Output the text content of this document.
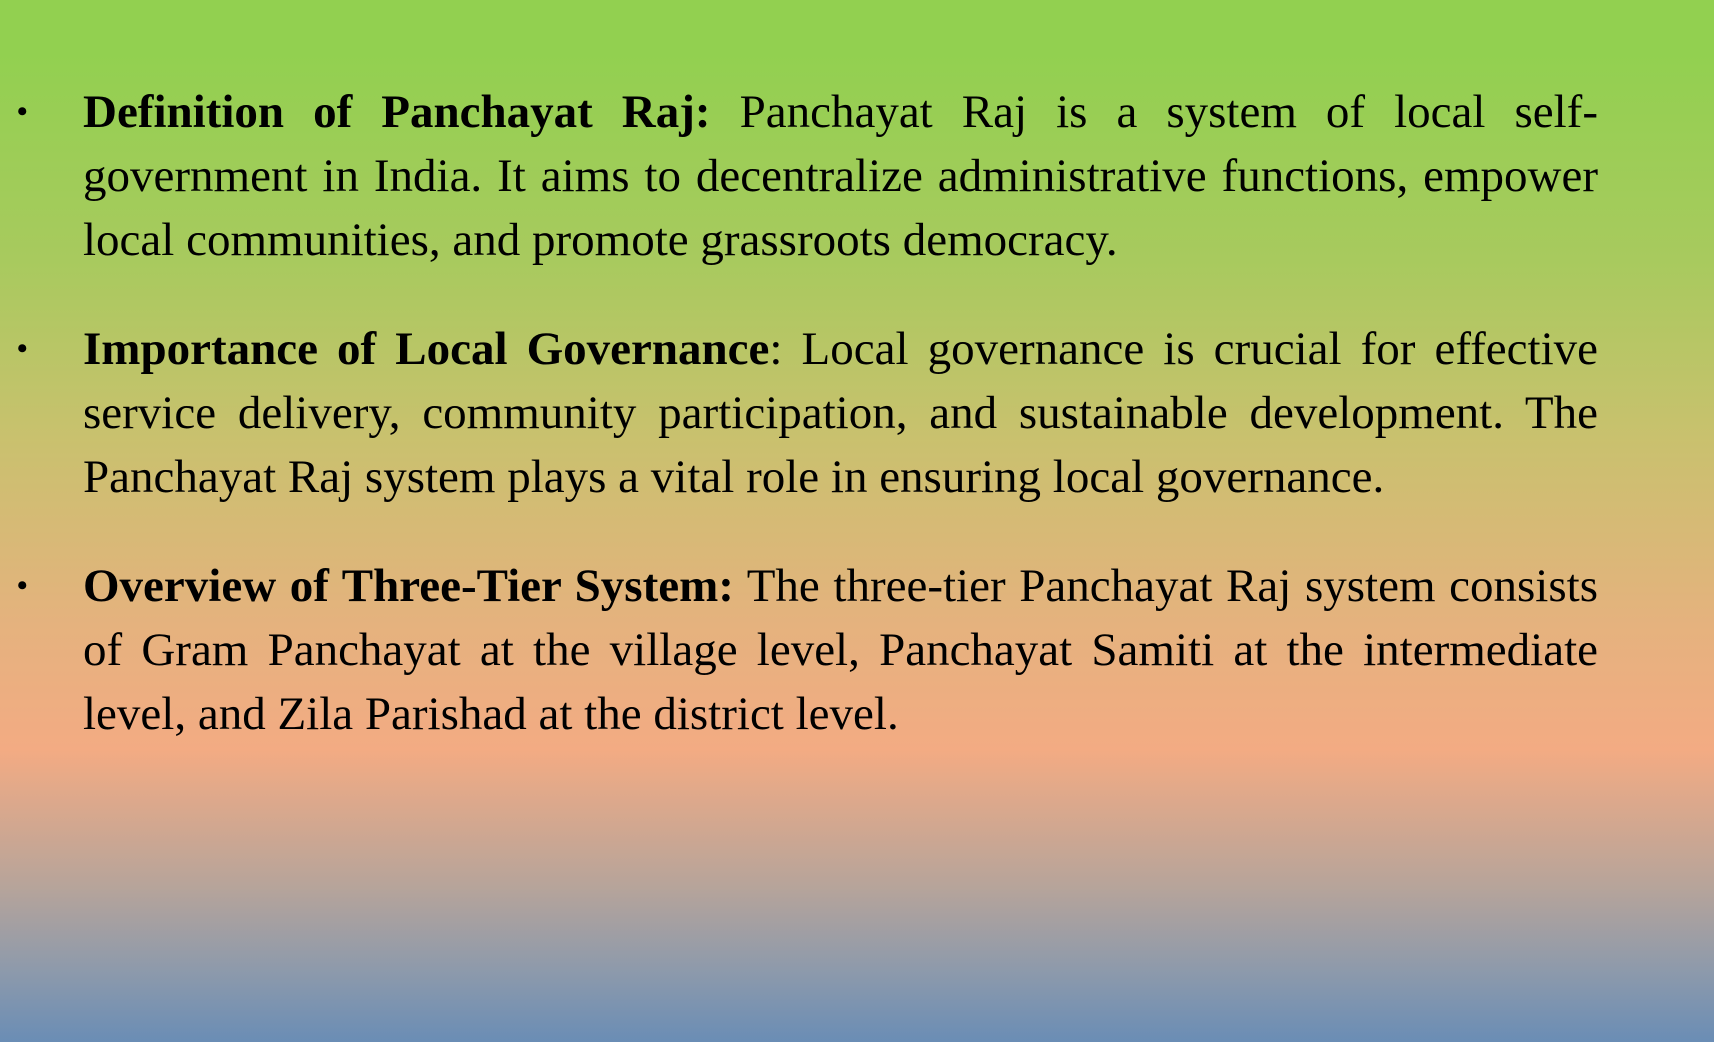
• Definition of Panchayat Raj: Panchayat Raj is a system of local self-government in India. It aims to decentralize administrative functions, empower local communities, and promote grassroots democracy.
• Importance of Local Governance: Local governance is crucial for effective service delivery, community participation, and sustainable development. The Panchayat Raj system plays a vital role in ensuring local governance.
• Overview of Three-Tier System: The three-tier Panchayat Raj system consists of Gram Panchayat at the village level, Panchayat Samiti at the intermediate level, and Zila Parishad at the district level.
